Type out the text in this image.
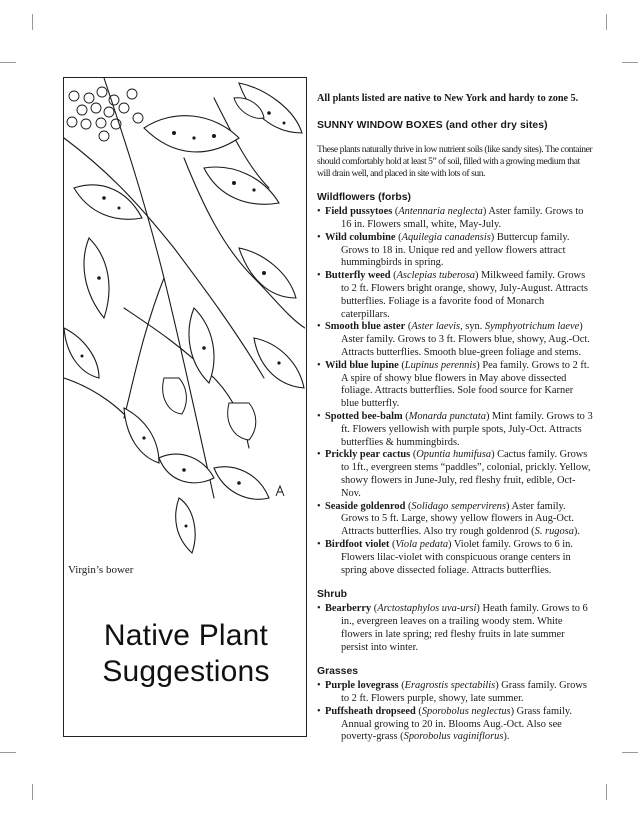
Virgin’s bower
Native Plant
Suggestions

All plants listed are native to New York and hardy to zone 5.

SUNNY WINDOW BOXES (and other dry sites)

These plants naturally thrive in low nutrient soils (like sandy sites). The container should comfortably hold at least 5” of soil, filled with a growing medium that will drain well, and placed in site with lots of sun.

Wildflowers (forbs)

• Field pussytoes (Antennaria neglecta) Aster family. Grows to 16 in. Flowers small, white, May-July.
• Wild columbine (Aquilegia canadensis) Buttercup family. Grows to 18 in. Unique red and yellow flowers attract hummingbirds in spring.
• Butterfly weed (Asclepias tuberosa) Milkweed family. Grows to 2 ft. Flowers bright orange, showy, July-August. Attracts butterflies. Foliage is a favorite food of Monarch caterpillars.
• Smooth blue aster (Aster laevis, syn. Symphyotrichum laeve) Aster family. Grows to 3 ft. Flowers blue, showy, Aug.-Oct. Attracts butterflies. Smooth blue-green foliage and stems.
• Wild blue lupine (Lupinus perennis) Pea family. Grows to 2 ft. A spire of showy blue flowers in May above dissected foliage. Attracts butterflies. Sole food source for Karner blue butterfly.
• Spotted bee-balm (Monarda punctata) Mint family. Grows to 3 ft. Flowers yellowish with purple spots, July-Oct. Attracts butterflies & hummingbirds.
• Prickly pear cactus (Opuntia humifusa) Cactus family. Grows to 1ft., evergreen stems “paddles”, colonial, prickly. Yellow, showy flowers in June-July, red fleshy fruit, edible, Oct-Nov.
• Seaside goldenrod (Solidago sempervirens) Aster family. Grows to 5 ft. Large, showy yellow flowers in Aug-Oct. Attracts butterflies. Also try rough goldenrod (S. rugosa).
• Birdfoot violet (Viola pedata) Violet family. Grows to 6 in. Flowers lilac-violet with conspicuous orange centers in spring above dissected foliage. Attracts butterflies.

Shrub

• Bearberry (Arctostaphylos uva-ursi) Heath family. Grows to 6 in., evergreen leaves on a trailing woody stem. White flowers in late spring; red fleshy fruits in late summer persist into winter.

Grasses

• Purple lovegrass (Eragrostis spectabilis) Grass family. Grows to 2 ft. Flowers purple, showy, late summer.
• Puffsheath dropseed (Sporobolus neglectus) Grass family. Annual growing to 20 in. Blooms Aug.-Oct. Also see poverty-grass (Sporobolus vaginiflorus).
